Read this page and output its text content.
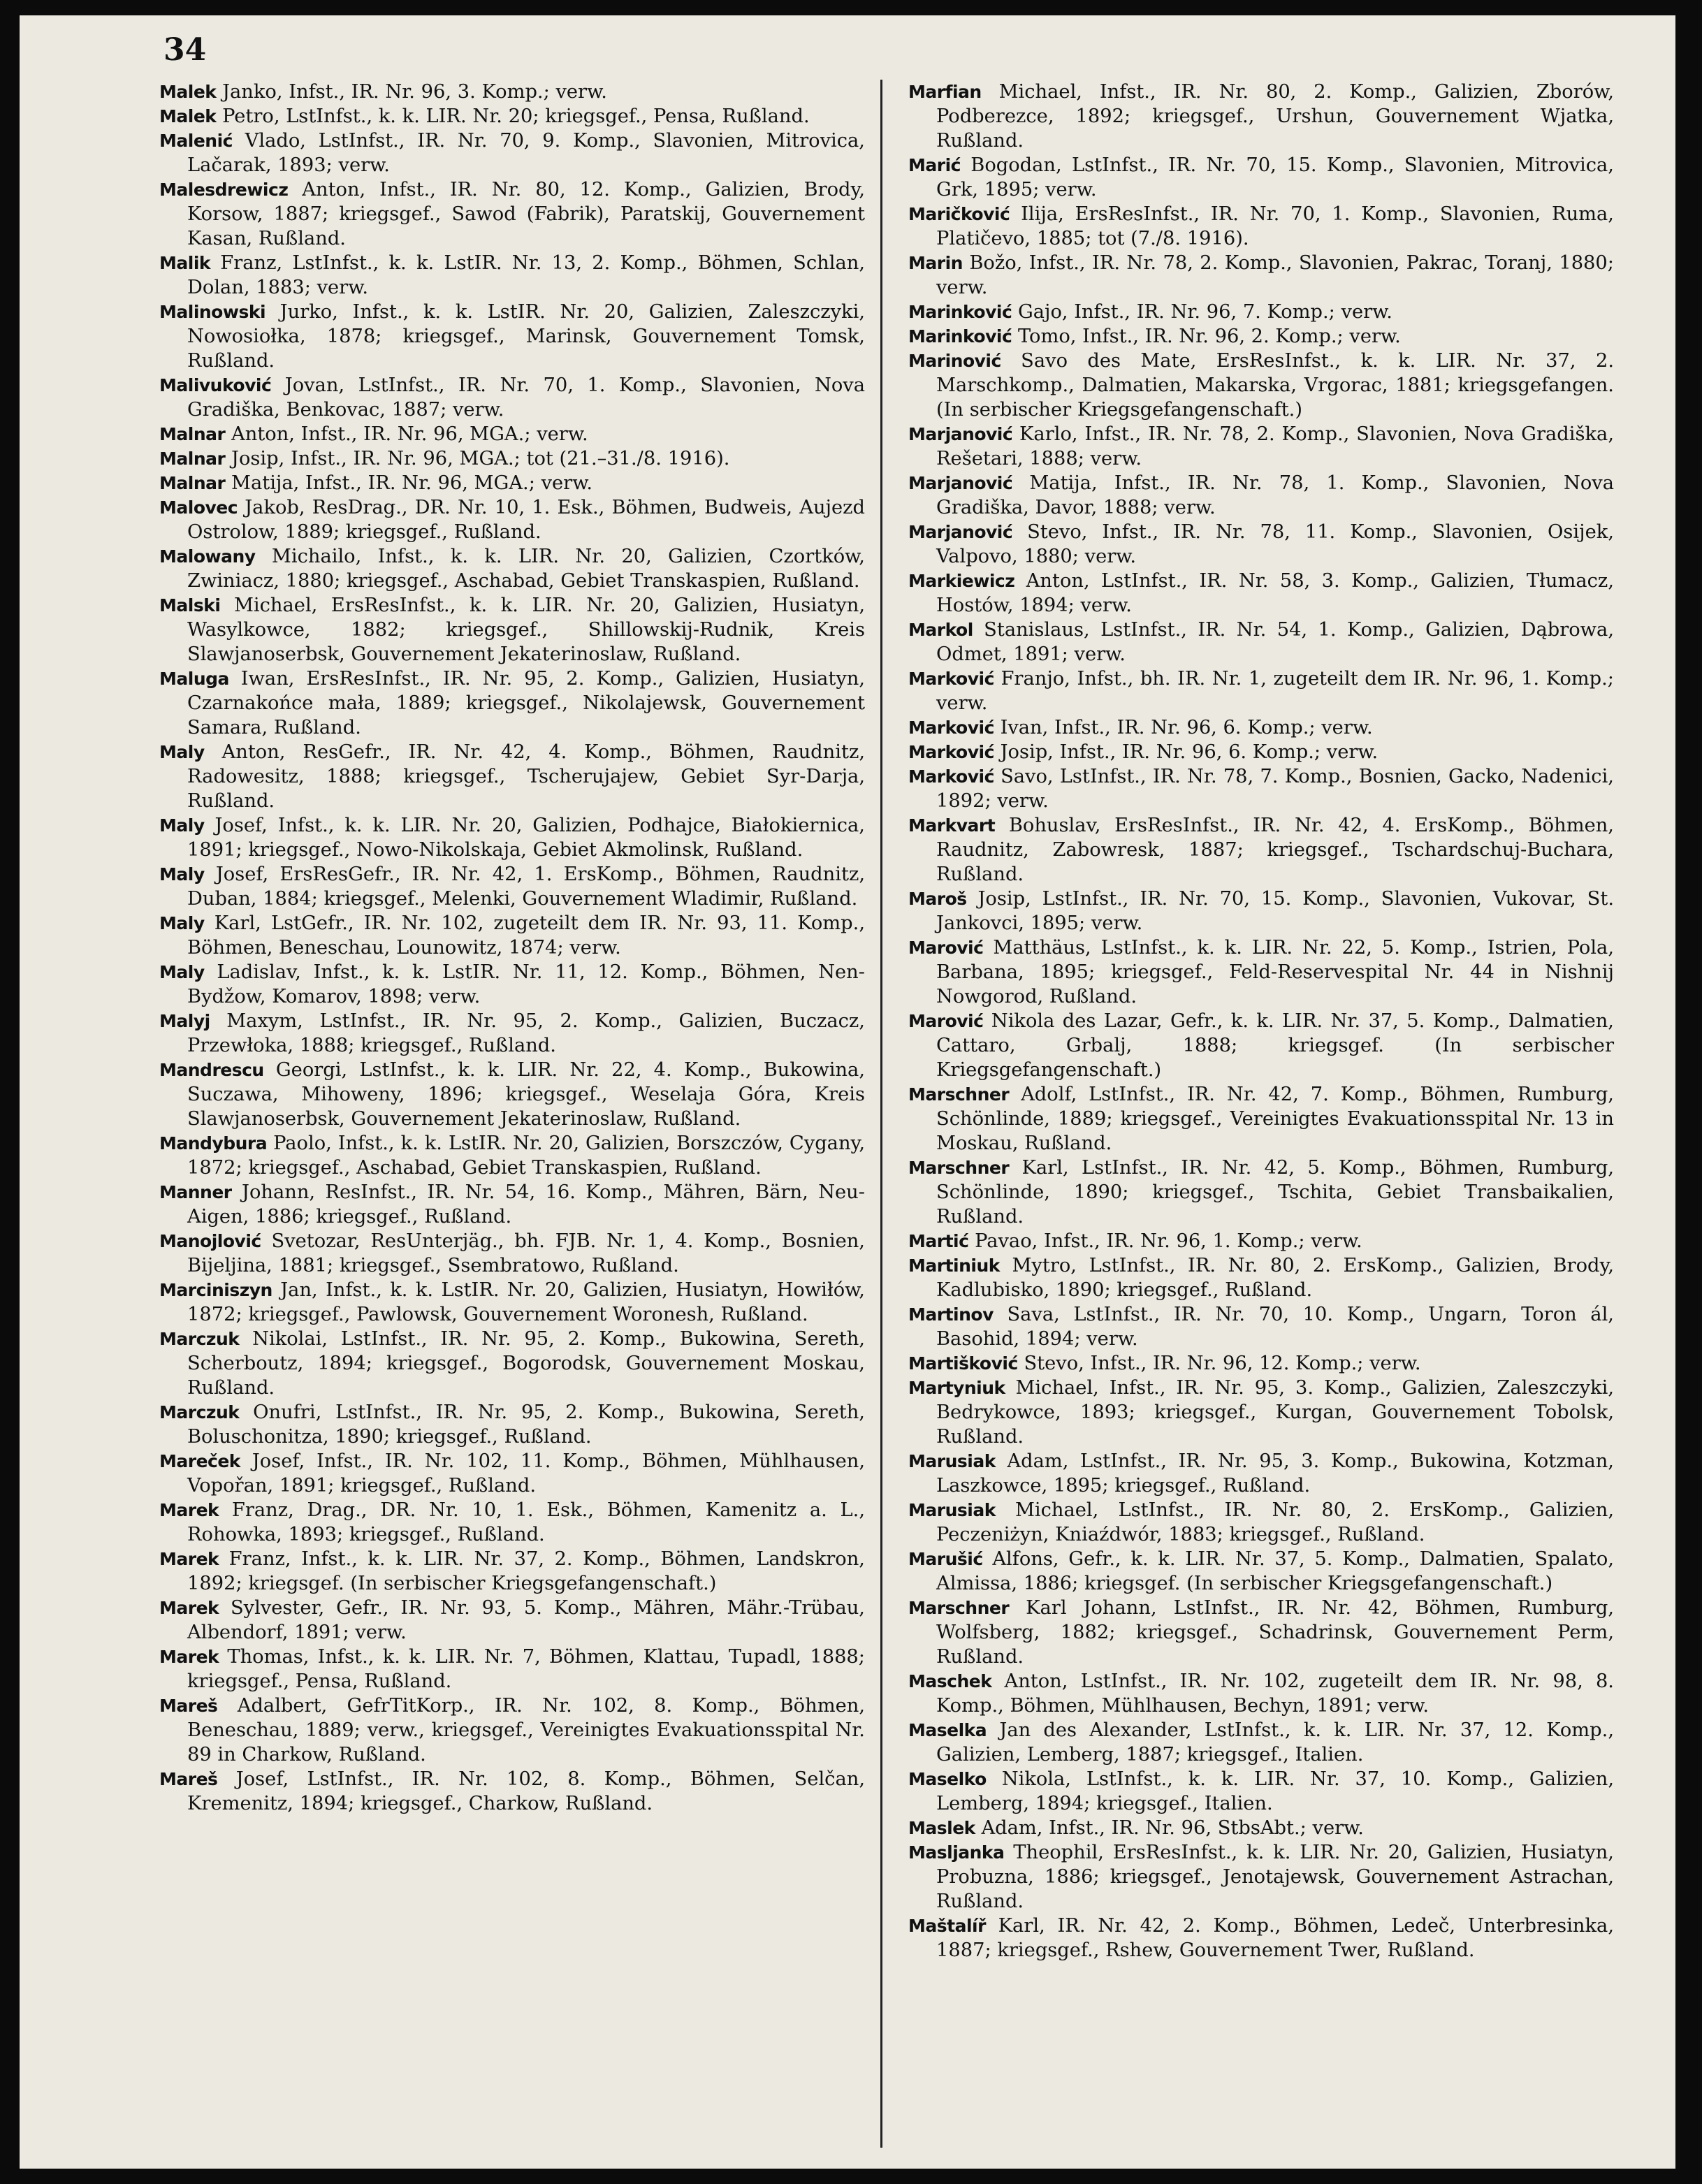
34

Malek Janko, Infst., IR. Nr. 96, 3. Komp.; verw.

Malek Petro, LstInfst., k. k. LIR. Nr. 20; kriegsgef., Pensa, Rußland.

Malenić Vlado, LstInfst., IR. Nr. 70, 9. Komp., Slavonien, Mitrovica, Lačarak, 1893; verw.

Malesdrewicz Anton, Infst., IR. Nr. 80, 12. Komp., Galizien, Brody, Korsow, 1887; kriegsgef., Sawod (Fabrik), Paratskij, Gouvernement Kasan, Rußland.

Malik Franz, LstInfst., k. k. LstIR. Nr. 13, 2. Komp., Böhmen, Schlan, Dolan, 1883; verw.

Malinowski Jurko, Infst., k. k. LstIR. Nr. 20, Galizien, Zaleszczyki, Nowosiołka, 1878; kriegsgef., Marinsk, Gouvernement Tomsk, Rußland.

Malivuković Jovan, LstInfst., IR. Nr. 70, 1. Komp., Slavonien, Nova Gradiška, Benkovac, 1887; verw.

Malnar Anton, Infst., IR. Nr. 96, MGA.; verw.

Malnar Josip, Infst., IR. Nr. 96, MGA.; tot (21.–31./8. 1916).

Malnar Matija, Infst., IR. Nr. 96, MGA.; verw.

Malovec Jakob, ResDrag., DR. Nr. 10, 1. Esk., Böhmen, Budweis, Aujezd Ostrolow, 1889; kriegsgef., Rußland.

Malowany Michailo, Infst., k. k. LIR. Nr. 20, Galizien, Czortków, Zwiniacz, 1880; kriegsgef., Aschabad, Gebiet Transkaspien, Rußland.

Malski Michael, ErsResInfst., k. k. LIR. Nr. 20, Galizien, Husiatyn, Wasylkowce, 1882; kriegsgef., Shillowskij-Rudnik, Kreis Slawjanoserbsk, Gouvernement Jekaterinoslaw, Rußland.

Maluga Iwan, ErsResInfst., IR. Nr. 95, 2. Komp., Galizien, Husiatyn, Czarnakońce mała, 1889; kriegsgef., Nikolajewsk, Gouvernement Samara, Rußland.

Maly Anton, ResGefr., IR. Nr. 42, 4. Komp., Böhmen, Raudnitz, Radowesitz, 1888; kriegsgef., Tscherujajew, Gebiet Syr-Darja, Rußland.

Maly Josef, Infst., k. k. LIR. Nr. 20, Galizien, Podhajce, Białokiernica, 1891; kriegsgef., Nowo-Nikolskaja, Gebiet Akmolinsk, Rußland.

Maly Josef, ErsResGefr., IR. Nr. 42, 1. ErsKomp., Böhmen, Raudnitz, Duban, 1884; kriegsgef., Melenki, Gouvernement Wladimir, Rußland.

Maly Karl, LstGefr., IR. Nr. 102, zugeteilt dem IR. Nr. 93, 11. Komp., Böhmen, Beneschau, Lounowitz, 1874; verw.

Maly Ladislav, Infst., k. k. LstIR. Nr. 11, 12. Komp., Böhmen, Nen-Bydžow, Komarov, 1898; verw.

Malyj Maxym, LstInfst., IR. Nr. 95, 2. Komp., Galizien, Buczacz, Przewłoka, 1888; kriegsgef., Rußland.

Mandrescu Georgi, LstInfst., k. k. LIR. Nr. 22, 4. Komp., Bukowina, Suczawa, Mihoweny, 1896; kriegsgef., Weselaja Góra, Kreis Slawjanoserbsk, Gouvernement Jekaterinoslaw, Rußland.

Mandybura Paolo, Infst., k. k. LstIR. Nr. 20, Galizien, Borszczów, Cygany, 1872; kriegsgef., Aschabad, Gebiet Transkaspien, Rußland.

Manner Johann, ResInfst., IR. Nr. 54, 16. Komp., Mähren, Bärn, Neu-Aigen, 1886; kriegsgef., Rußland.

Manojlović Svetozar, ResUnterjäg., bh. FJB. Nr. 1, 4. Komp., Bosnien, Bijeljina, 1881; kriegsgef., Ssembratowo, Rußland.

Marciniszyn Jan, Infst., k. k. LstIR. Nr. 20, Galizien, Husiatyn, Howiłów, 1872; kriegsgef., Pawlowsk, Gouvernement Woronesh, Rußland.

Marczuk Nikolai, LstInfst., IR. Nr. 95, 2. Komp., Bukowina, Sereth, Scherboutz, 1894; kriegsgef., Bogorodsk, Gouvernement Moskau, Rußland.

Marczuk Onufri, LstInfst., IR. Nr. 95, 2. Komp., Bukowina, Sereth, Boluschonitza, 1890; kriegsgef., Rußland.

Mareček Josef, Infst., IR. Nr. 102, 11. Komp., Böhmen, Mühlhausen, Vopořan, 1891; kriegsgef., Rußland.

Marek Franz, Drag., DR. Nr. 10, 1. Esk., Böhmen, Kamenitz a. L., Rohowka, 1893; kriegsgef., Rußland.

Marek Franz, Infst., k. k. LIR. Nr. 37, 2. Komp., Böhmen, Landskron, 1892; kriegsgef. (In serbischer Kriegsgefangenschaft.)

Marek Sylvester, Gefr., IR. Nr. 93, 5. Komp., Mähren, Mähr.-Trübau, Albendorf, 1891; verw.

Marek Thomas, Infst., k. k. LIR. Nr. 7, Böhmen, Klattau, Tupadl, 1888; kriegsgef., Pensa, Rußland.

Mareš Adalbert, GefrTitKorp., IR. Nr. 102, 8. Komp., Böhmen, Beneschau, 1889; verw., kriegsgef., Vereinigtes Evakuationsspital Nr. 89 in Charkow, Rußland.

Mareš Josef, LstInfst., IR. Nr. 102, 8. Komp., Böhmen, Selčan, Kremenitz, 1894; kriegsgef., Charkow, Rußland.

Marfian Michael, Infst., IR. Nr. 80, 2. Komp., Galizien, Zborów, Podberezce, 1892; kriegsgef., Urshun, Gouvernement Wjatka, Rußland.

Marić Bogodan, LstInfst., IR. Nr. 70, 15. Komp., Slavonien, Mitrovica, Grk, 1895; verw.

Maričković Ilija, ErsResInfst., IR. Nr. 70, 1. Komp., Slavonien, Ruma, Platičevo, 1885; tot (7./8. 1916).

Marin Božo, Infst., IR. Nr. 78, 2. Komp., Slavonien, Pakrac, Toranj, 1880; verw.

Marinković Gajo, Infst., IR. Nr. 96, 7. Komp.; verw.

Marinković Tomo, Infst., IR. Nr. 96, 2. Komp.; verw.

Marinović Savo des Mate, ErsResInfst., k. k. LIR. Nr. 37, 2. Marschkomp., Dalmatien, Makarska, Vrgorac, 1881; kriegsgefangen. (In serbischer Kriegsgefangenschaft.)

Marjanović Karlo, Infst., IR. Nr. 78, 2. Komp., Slavonien, Nova Gradiška, Rešetari, 1888; verw.

Marjanović Matija, Infst., IR. Nr. 78, 1. Komp., Slavonien, Nova Gradiška, Davor, 1888; verw.

Marjanović Stevo, Infst., IR. Nr. 78, 11. Komp., Slavonien, Osijek, Valpovo, 1880; verw.

Markiewicz Anton, LstInfst., IR. Nr. 58, 3. Komp., Galizien, Tłumacz, Hostów, 1894; verw.

Markol Stanislaus, LstInfst., IR. Nr. 54, 1. Komp., Galizien, Dąbrowa, Odmet, 1891; verw.

Marković Franjo, Infst., bh. IR. Nr. 1, zugeteilt dem IR. Nr. 96, 1. Komp.; verw.

Marković Ivan, Infst., IR. Nr. 96, 6. Komp.; verw.

Marković Josip, Infst., IR. Nr. 96, 6. Komp.; verw.

Marković Savo, LstInfst., IR. Nr. 78, 7. Komp., Bosnien, Gacko, Nadenici, 1892; verw.

Markvart Bohuslav, ErsResInfst., IR. Nr. 42, 4. ErsKomp., Böhmen, Raudnitz, Zabowresk, 1887; kriegsgef., Tschardschuj-Buchara, Rußland.

Maroš Josip, LstInfst., IR. Nr. 70, 15. Komp., Slavonien, Vukovar, St. Jankovci, 1895; verw.

Marović Matthäus, LstInfst., k. k. LIR. Nr. 22, 5. Komp., Istrien, Pola, Barbana, 1895; kriegsgef., Feld-Reservespital Nr. 44 in Nishnij Nowgorod, Rußland.

Marović Nikola des Lazar, Gefr., k. k. LIR. Nr. 37, 5. Komp., Dalmatien, Cattaro, Grbalj, 1888; kriegsgef. (In serbischer Kriegsgefangenschaft.)

Marschner Adolf, LstInfst., IR. Nr. 42, 7. Komp., Böhmen, Rumburg, Schönlinde, 1889; kriegsgef., Vereinigtes Evakuationsspital Nr. 13 in Moskau, Rußland.

Marschner Karl, LstInfst., IR. Nr. 42, 5. Komp., Böhmen, Rumburg, Schönlinde, 1890; kriegsgef., Tschita, Gebiet Transbaikalien, Rußland.

Martić Pavao, Infst., IR. Nr. 96, 1. Komp.; verw.

Martiniuk Mytro, LstInfst., IR. Nr. 80, 2. ErsKomp., Galizien, Brody, Kadlubisko, 1890; kriegsgef., Rußland.

Martinov Sava, LstInfst., IR. Nr. 70, 10. Komp., Ungarn, Toron ál, Basohid, 1894; verw.

Martišković Stevo, Infst., IR. Nr. 96, 12. Komp.; verw.

Martyniuk Michael, Infst., IR. Nr. 95, 3. Komp., Galizien, Zaleszczyki, Bedrykowce, 1893; kriegsgef., Kurgan, Gouvernement Tobolsk, Rußland.

Marusiak Adam, LstInfst., IR. Nr. 95, 3. Komp., Bukowina, Kotzman, Laszkowce, 1895; kriegsgef., Rußland.

Marusiak Michael, LstInfst., IR. Nr. 80, 2. ErsKomp., Galizien, Peczeniżyn, Kniaźdwór, 1883; kriegsgef., Rußland.

Marušić Alfons, Gefr., k. k. LIR. Nr. 37, 5. Komp., Dalmatien, Spalato, Almissa, 1886; kriegsgef. (In serbischer Kriegsgefangenschaft.)

Marschner Karl Johann, LstInfst., IR. Nr. 42, Böhmen, Rumburg, Wolfsberg, 1882; kriegsgef., Schadrinsk, Gouvernement Perm, Rußland.

Maschek Anton, LstInfst., IR. Nr. 102, zugeteilt dem IR. Nr. 98, 8. Komp., Böhmen, Mühlhausen, Bechyn, 1891; verw.

Maselka Jan des Alexander, LstInfst., k. k. LIR. Nr. 37, 12. Komp., Galizien, Lemberg, 1887; kriegsgef., Italien.

Maselko Nikola, LstInfst., k. k. LIR. Nr. 37, 10. Komp., Galizien, Lemberg, 1894; kriegsgef., Italien.

Maslek Adam, Infst., IR. Nr. 96, StbsAbt.; verw.

Masljanka Theophil, ErsResInfst., k. k. LIR. Nr. 20, Galizien, Husiatyn, Probuzna, 1886; kriegsgef., Jenotajewsk, Gouvernement Astrachan, Rußland.

Maštalíř Karl, IR. Nr. 42, 2. Komp., Böhmen, Ledeč, Unterbresinka, 1887; kriegsgef., Rshew, Gouvernement Twer, Rußland.
